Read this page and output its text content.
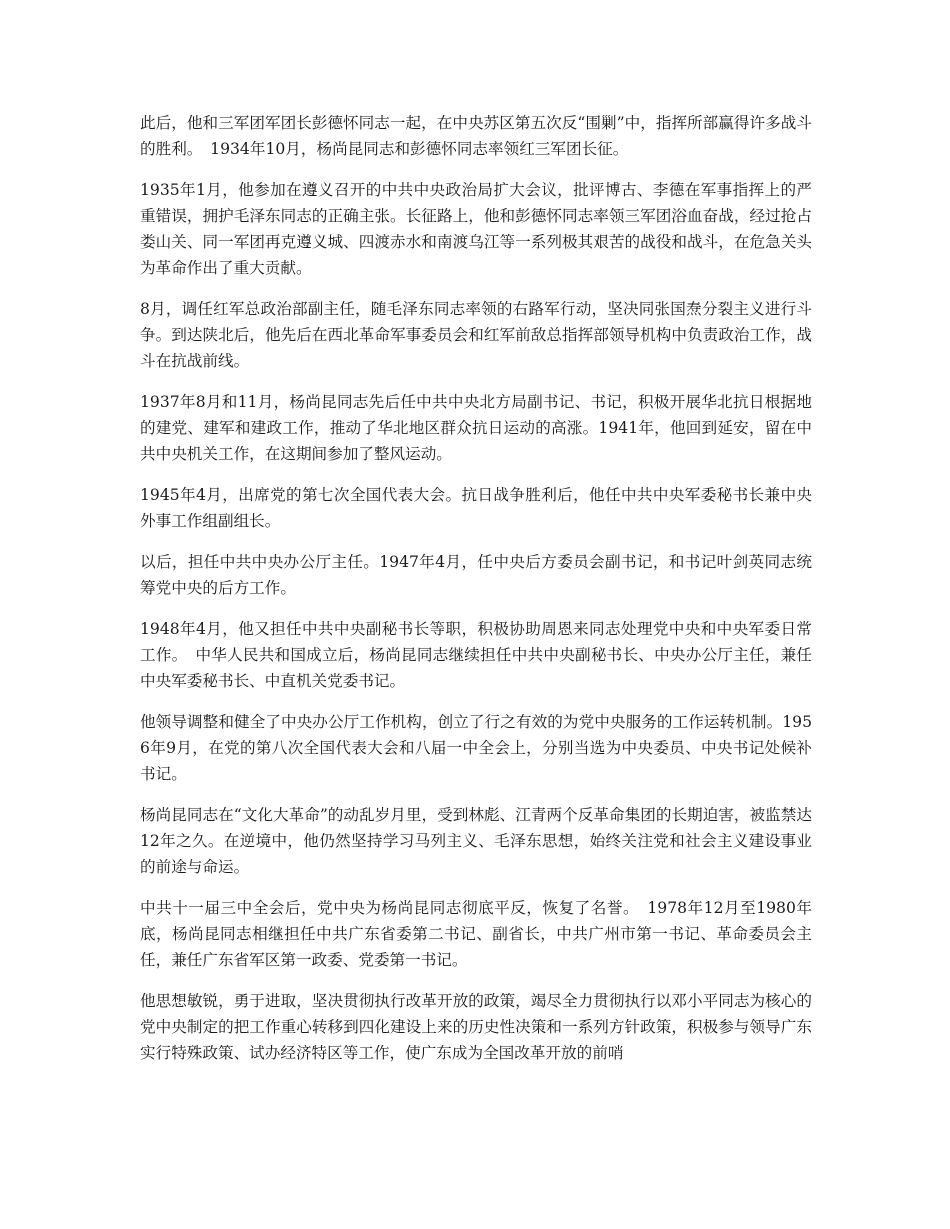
此后，他和三军团军团长彭德怀同志一起，在中央苏区第五次反“围剿”中，指挥所部赢得许多战斗的胜利。　1934年10月，杨尚昆同志和彭德怀同志率领红三军团长征。

1935年1月，他参加在遵义召开的中共中央政治局扩大会议，批评博古、李德在军事指挥上的严重错误，拥护毛泽东同志的正确主张。长征路上，他和彭德怀同志率领三军团浴血奋战，经过抢占娄山关、同一军团再克遵义城、四渡赤水和南渡乌江等一系列极其艰苦的战役和战斗，在危急关头为革命作出了重大贡献。

8月，调任红军总政治部副主任，随毛泽东同志率领的右路军行动，坚决同张国焘分裂主义进行斗争。到达陕北后，他先后在西北革命军事委员会和红军前敌总指挥部领导机构中负责政治工作，战斗在抗战前线。

1937年8月和11月，杨尚昆同志先后任中共中央北方局副书记、书记，积极开展华北抗日根据地的建党、建军和建政工作，推动了华北地区群众抗日运动的高涨。1941年，他回到延安，留在中共中央机关工作，在这期间参加了整风运动。

1945年4月，出席党的第七次全国代表大会。抗日战争胜利后，他任中共中央军委秘书长兼中央外事工作组副组长。

以后，担任中共中央办公厅主任。1947年4月，任中央后方委员会副书记，和书记叶剑英同志统筹党中央的后方工作。

1948年4月，他又担任中共中央副秘书长等职，积极协助周恩来同志处理党中央和中央军委日常工作。　中华人民共和国成立后，杨尚昆同志继续担任中共中央副秘书长、中央办公厅主任，兼任中央军委秘书长、中直机关党委书记。

他领导调整和健全了中央办公厅工作机构，创立了行之有效的为党中央服务的工作运转机制。1956年9月，在党的第八次全国代表大会和八届一中全会上，分别当选为中央委员、中央书记处候补书记。

杨尚昆同志在“文化大革命”的动乱岁月里，受到林彪、江青两个反革命集团的长期迫害，被监禁达12年之久。在逆境中，他仍然坚持学习马列主义、毛泽东思想，始终关注党和社会主义建设事业的前途与命运。

中共十一届三中全会后，党中央为杨尚昆同志彻底平反，恢复了名誉。　1978年12月至1980年底，杨尚昆同志相继担任中共广东省委第二书记、副省长，中共广州市第一书记、革命委员会主任，兼任广东省军区第一政委、党委第一书记。

他思想敏锐，勇于进取，坚决贯彻执行改革开放的政策，竭尽全力贯彻执行以邓小平同志为核心的党中央制定的把工作重心转移到四化建设上来的历史性决策和一系列方针政策，积极参与领导广东实行特殊政策、试办经济特区等工作，使广东成为全国改革开放的前哨
